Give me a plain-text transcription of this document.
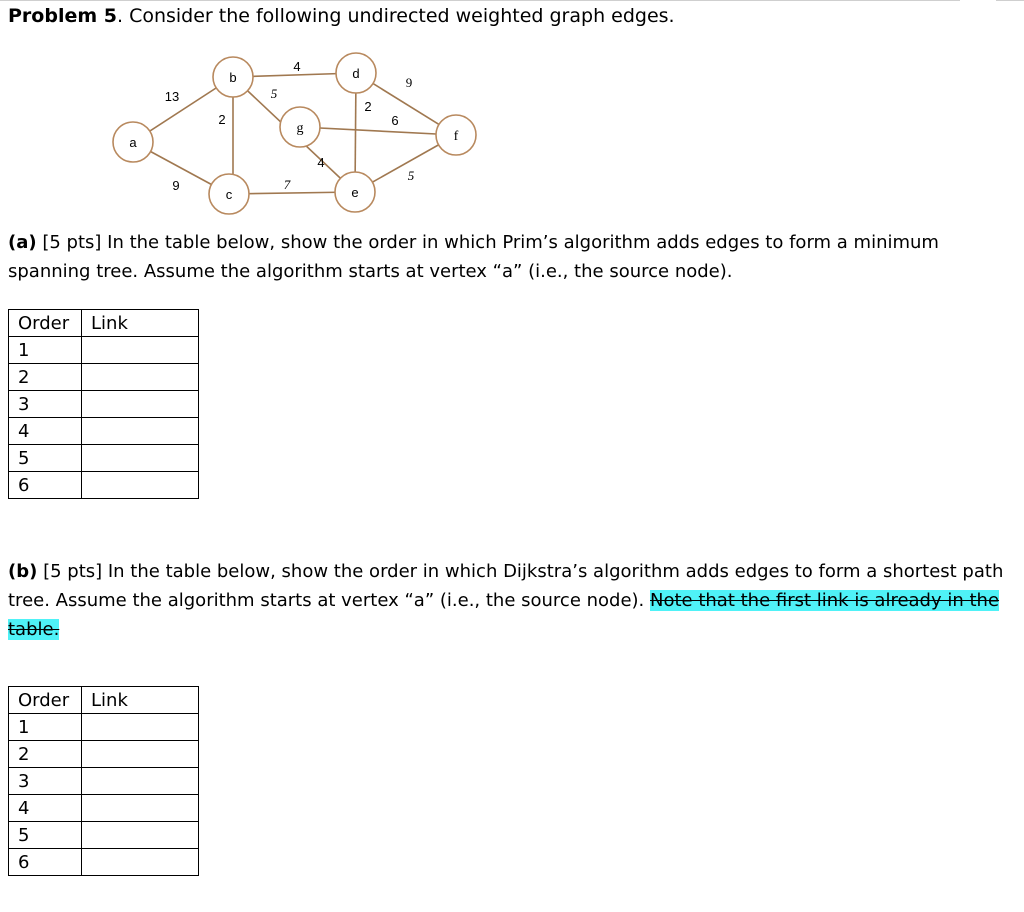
Problem 5. Consider the following undirected weighted graph edges.
a
b
c
d
e
f
g
13
9
2
4
5
7
2
9
6
4
5
(a) [5 pts] In the table below, show the order in which Prim’s algorithm adds edges to form a minimum spanning tree. Assume the algorithm starts at vertex “a” (i.e., the source node).
Order	Link
1	
2	
3	
4	
5	
6	
(b) [5 pts] In the table below, show the order in which Dijkstra’s algorithm adds edges to form a shortest path tree. Assume the algorithm starts at vertex “a” (i.e., the source node). Note that the first link is already in the table.
Order	Link
1	
2	
3	
4	
5	
6	
